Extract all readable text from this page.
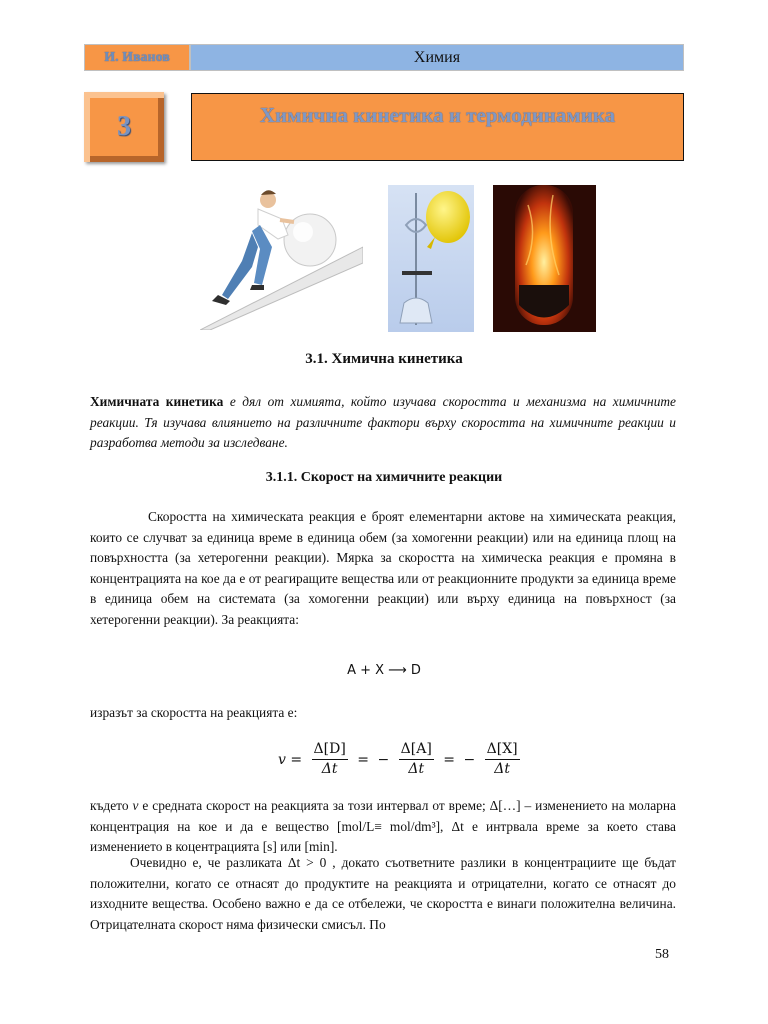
И. Иванов	Химия
3	Химична кинетика и термодинамика
3.1. Химична кинетика
Химичната кинетика е дял от химията, който изучава скоростта и механизма на химичните реакции. Тя изучава влиянието на различните фактори върху скоростта на химичните реакции и разработва методи за изследване.
3.1.1. Скорост на химичните реакции
Скоростта на химическата реакция е броят елементарни актове на химическата реакция, които се случват за единица време в единица обем (за хомогенни реакции) или на единица площ на повърхността (за хетерогенни реакции). Мярка за скоростта на химическа реакция е промяна в концентрацията на кое да е от реагиращите вещества или от реакционните продукти за единица време в единица обем на системата (за хомогенни реакции) или върху единица на повърхност (за хетерогенни реакции). За реакцията:
A + X ⟶ D
изразът за скоростта на реакцията е:
$v = \frac{\Delta[D]}{\Delta t}$ = − $\frac{\Delta[A]}{\Delta t}$ = − $\frac{\Delta[X]}{\Delta t}$
където v е средната скорост на реакцията за този интервал от време; Δ[…] – изменението на моларна концентрация на кое и да е вещество [mol/L≡ mol/dm³], Δt е интрвала време за което става изменението в коцентрацията [s] или [min].
Очевидно е, че разликата Δt > 0 , докато съответните разлики в концентрациите ще бъдат положителни, когато се отнасят до продуктите на реакцията и отрицателни, когато се отнасят до изходните вещества. Особено важно е да се отбележи, че скоростта е винаги положителна величина. Отрицателната скорост няма физически смисъл. По
58
